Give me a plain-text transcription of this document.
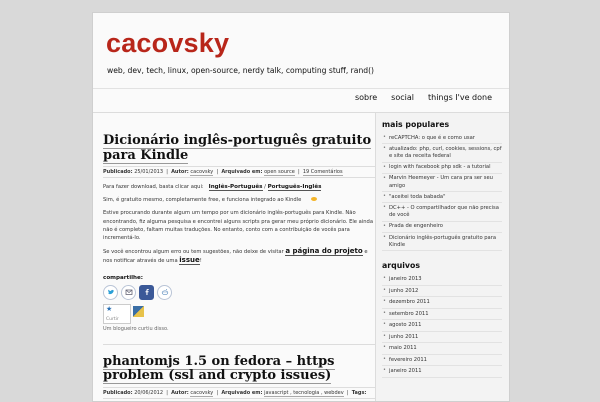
cacovsky
web, dev, tech, linux, open-source, nerdy talk, computing stuff, rand()
sobre	social	things I've done
Dicionário inglês-português gratuito para Kindle
Publicado: 25/01/2013  |  Autor: cacovsky  |  Arquivado em: open source  |  19 Comentários

Para fazer download, basta clicar aqui: Inglês-Português / Português-Inglês

Sim, é gratuito mesmo, completamente free, e funciona integrado ao Kindle

Estive procurando durante algum um tempo por um dicionário inglês-português para Kindle. Não encontrando, fiz alguma pesquisa e encontrei alguns scripts pra gerar meu próprio dicionário. Ele ainda não é completo, faltam muitas traduções. No entanto, conto com a contribuição de vocês para incrementá-lo.

Se você encontrou algum erro ou tem sugestões, não deixe de visitar a página do projeto e nos notificar através de uma issue!

compartilhe:
★
Curtir
Um blogueiro curtiu disso.
phantomjs 1.5 on fedora – https problem (ssl and crypto issues)
Publicado: 20/06/2012  |  Autor: cacovsky  |  Arquivado em: javascript , tecnologia , webdev  |  Tags:
mais populares
• reCAPTCHA: o que é e como usar
• atualizado: php, curl, cookies, sessions, cpf e site da receita federal
• login with facebook php sdk - a tutorial
• Marvin Heemeyer - Um cara pra ser seu amigo
• "aceitei toda babada"
• DC++ - O compartilhador que não precisa de você
• Prada de engenheiro
• Dicionário inglês-português gratuito para Kindle
arquivos
• janeiro 2013
• junho 2012
• dezembro 2011
• setembro 2011
• agosto 2011
• junho 2011
• maio 2011
• fevereiro 2011
• janeiro 2011
